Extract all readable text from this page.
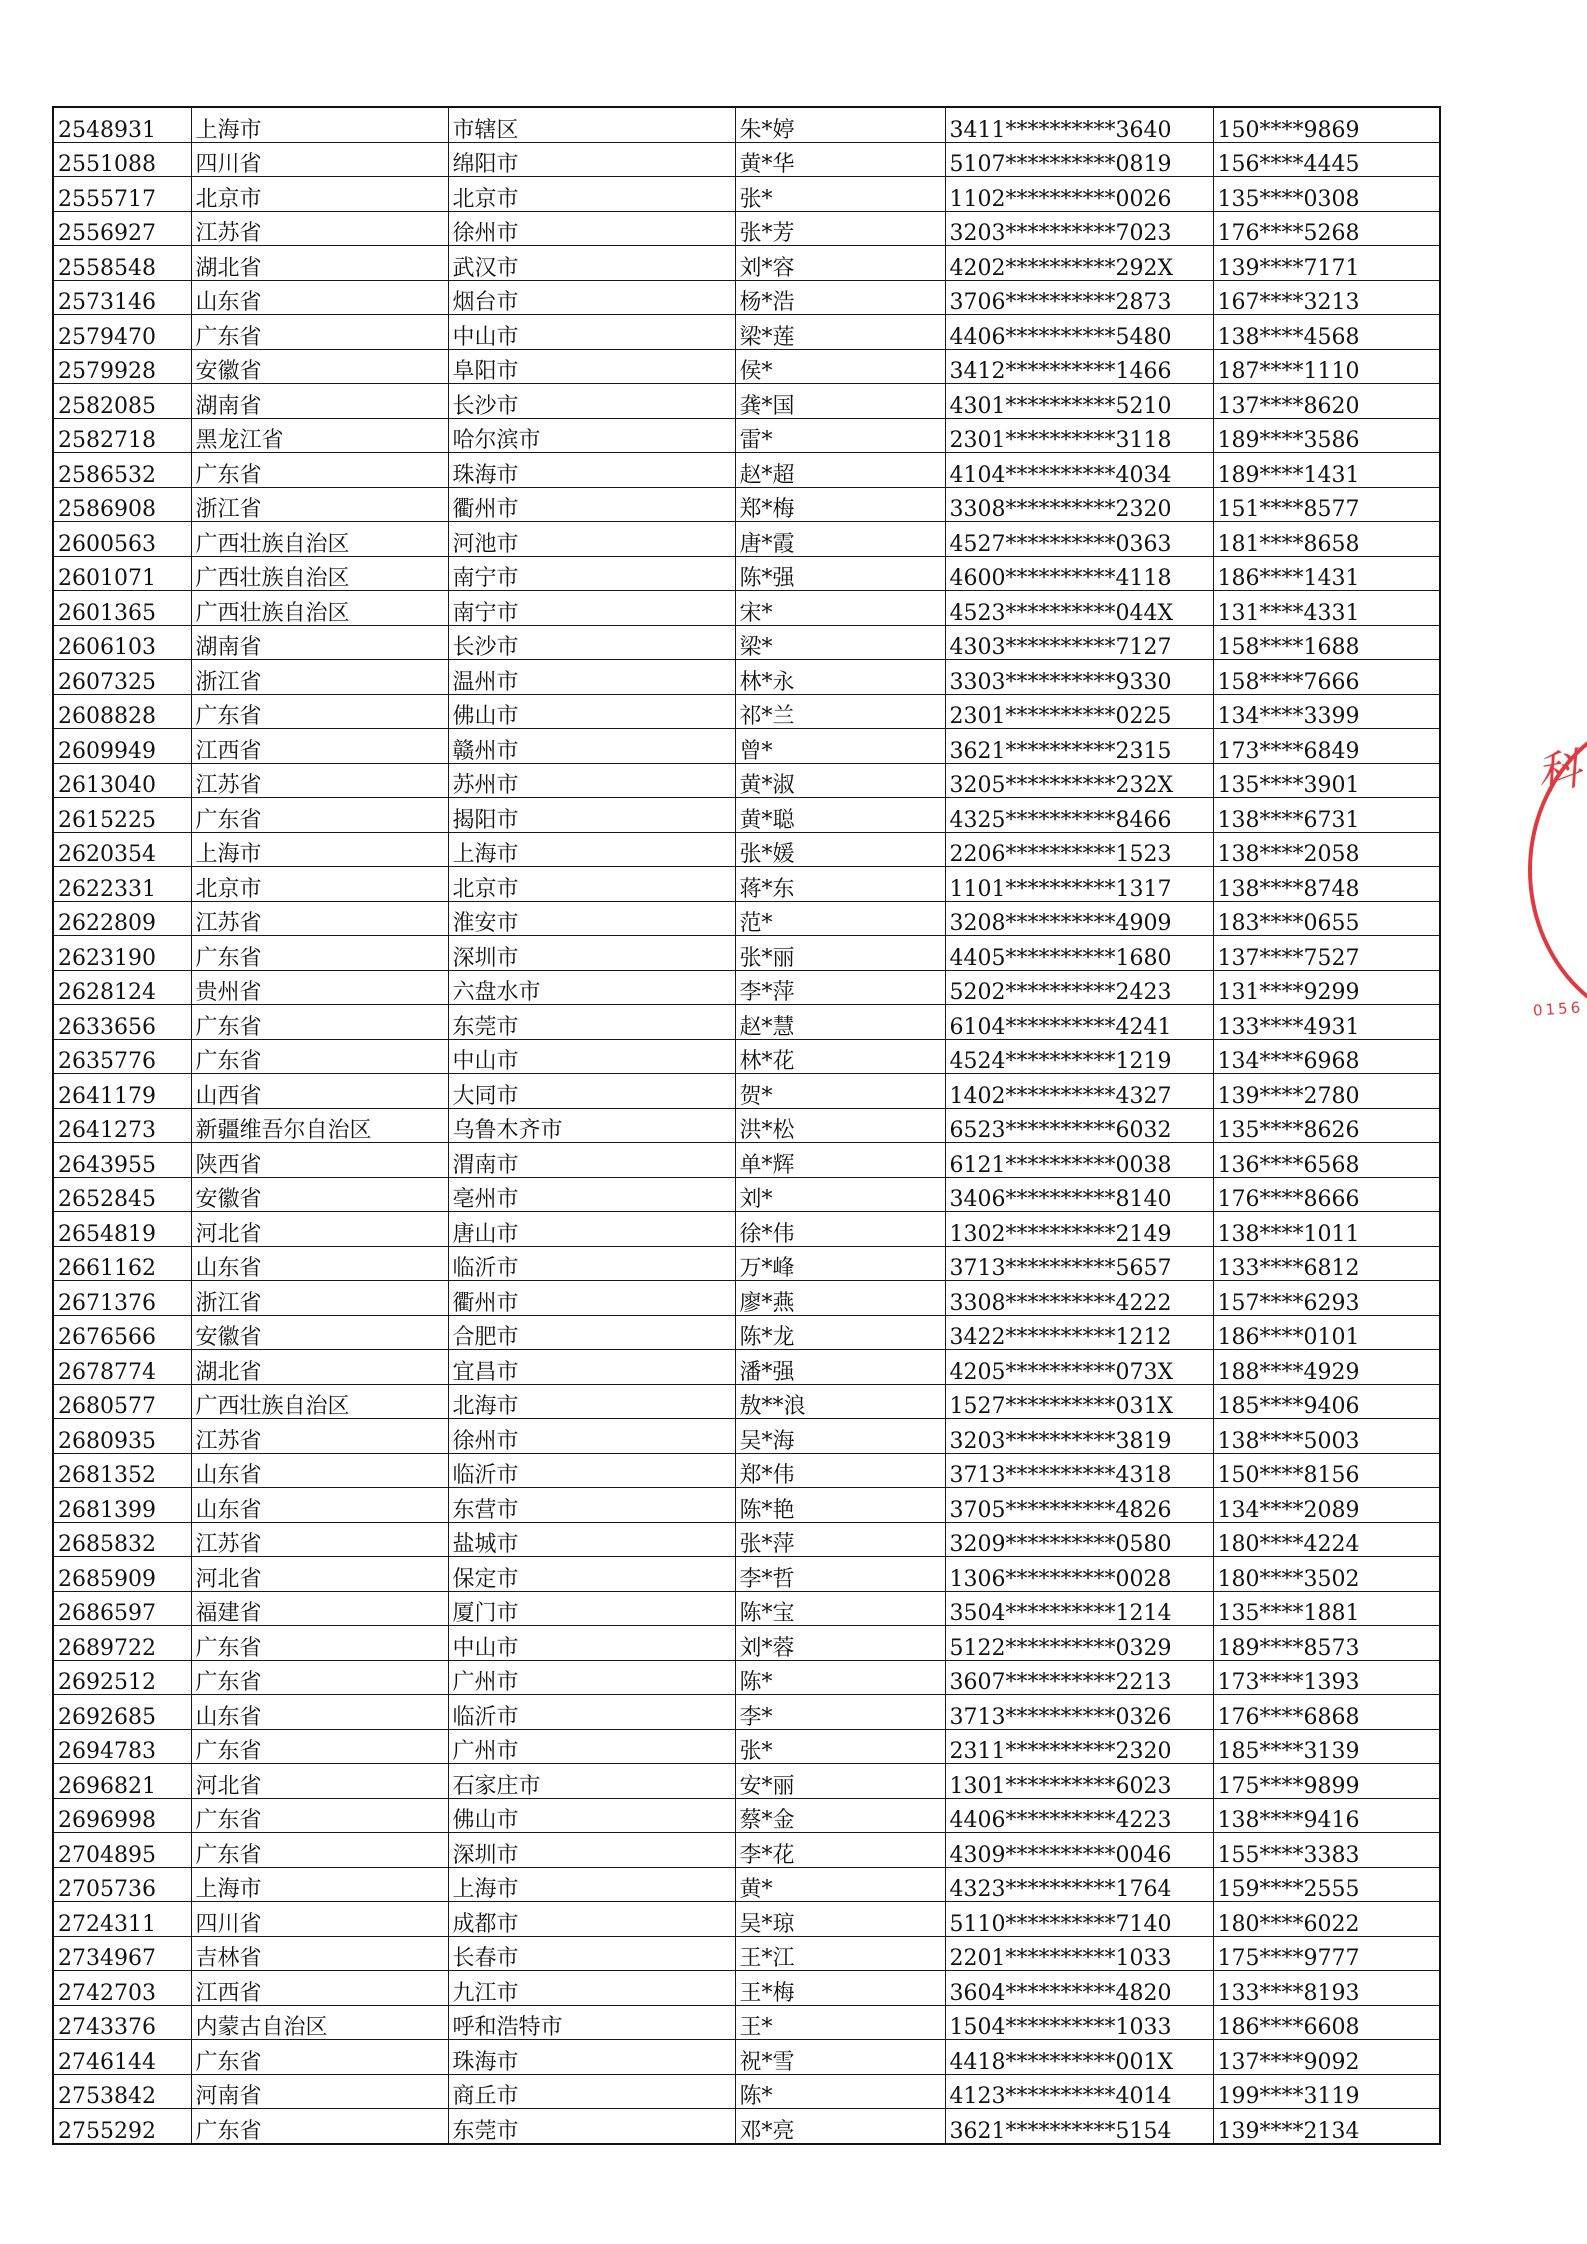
2548931	上海市	市辖区	朱*婷	3411**********3640	150****9869
2551088	四川省	绵阳市	黄*华	5107**********0819	156****4445
2555717	北京市	北京市	张*	1102**********0026	135****0308
2556927	江苏省	徐州市	张*芳	3203**********7023	176****5268
2558548	湖北省	武汉市	刘*容	4202**********292X	139****7171
2573146	山东省	烟台市	杨*浩	3706**********2873	167****3213
2579470	广东省	中山市	梁*莲	4406**********5480	138****4568
2579928	安徽省	阜阳市	侯*	3412**********1466	187****1110
2582085	湖南省	长沙市	龚*国	4301**********5210	137****8620
2582718	黑龙江省	哈尔滨市	雷*	2301**********3118	189****3586
2586532	广东省	珠海市	赵*超	4104**********4034	189****1431
2586908	浙江省	衢州市	郑*梅	3308**********2320	151****8577
2600563	广西壮族自治区	河池市	唐*霞	4527**********0363	181****8658
2601071	广西壮族自治区	南宁市	陈*强	4600**********4118	186****1431
2601365	广西壮族自治区	南宁市	宋*	4523**********044X	131****4331
2606103	湖南省	长沙市	梁*	4303**********7127	158****1688
2607325	浙江省	温州市	林*永	3303**********9330	158****7666
2608828	广东省	佛山市	祁*兰	2301**********0225	134****3399
2609949	江西省	赣州市	曾*	3621**********2315	173****6849
2613040	江苏省	苏州市	黄*淑	3205**********232X	135****3901
2615225	广东省	揭阳市	黄*聪	4325**********8466	138****6731
2620354	上海市	上海市	张*媛	2206**********1523	138****2058
2622331	北京市	北京市	蒋*东	1101**********1317	138****8748
2622809	江苏省	淮安市	范*	3208**********4909	183****0655
2623190	广东省	深圳市	张*丽	4405**********1680	137****7527
2628124	贵州省	六盘水市	李*萍	5202**********2423	131****9299
2633656	广东省	东莞市	赵*慧	6104**********4241	133****4931
2635776	广东省	中山市	林*花	4524**********1219	134****6968
2641179	山西省	大同市	贺*	1402**********4327	139****2780
2641273	新疆维吾尔自治区	乌鲁木齐市	洪*松	6523**********6032	135****8626
2643955	陕西省	渭南市	单*辉	6121**********0038	136****6568
2652845	安徽省	亳州市	刘*	3406**********8140	176****8666
2654819	河北省	唐山市	徐*伟	1302**********2149	138****1011
2661162	山东省	临沂市	万*峰	3713**********5657	133****6812
2671376	浙江省	衢州市	廖*燕	3308**********4222	157****6293
2676566	安徽省	合肥市	陈*龙	3422**********1212	186****0101
2678774	湖北省	宜昌市	潘*强	4205**********073X	188****4929
2680577	广西壮族自治区	北海市	敖**浪	1527**********031X	185****9406
2680935	江苏省	徐州市	吴*海	3203**********3819	138****5003
2681352	山东省	临沂市	郑*伟	3713**********4318	150****8156
2681399	山东省	东营市	陈*艳	3705**********4826	134****2089
2685832	江苏省	盐城市	张*萍	3209**********0580	180****4224
2685909	河北省	保定市	李*哲	1306**********0028	180****3502
2686597	福建省	厦门市	陈*宝	3504**********1214	135****1881
2689722	广东省	中山市	刘*蓉	5122**********0329	189****8573
2692512	广东省	广州市	陈*	3607**********2213	173****1393
2692685	山东省	临沂市	李*	3713**********0326	176****6868
2694783	广东省	广州市	张*	2311**********2320	185****3139
2696821	河北省	石家庄市	安*丽	1301**********6023	175****9899
2696998	广东省	佛山市	蔡*金	4406**********4223	138****9416
2704895	广东省	深圳市	李*花	4309**********0046	155****3383
2705736	上海市	上海市	黄*	4323**********1764	159****2555
2724311	四川省	成都市	吴*琼	5110**********7140	180****6022
2734967	吉林省	长春市	王*江	2201**********1033	175****9777
2742703	江西省	九江市	王*梅	3604**********4820	133****8193
2743376	内蒙古自治区	呼和浩特市	王*	1504**********1033	186****6608
2746144	广东省	珠海市	祝*雪	4418**********001X	137****9092
2753842	河南省	商丘市	陈*	4123**********4014	199****3119
2755292	广东省	东莞市	邓*亮	3621**********5154	139****2134
科
0156
